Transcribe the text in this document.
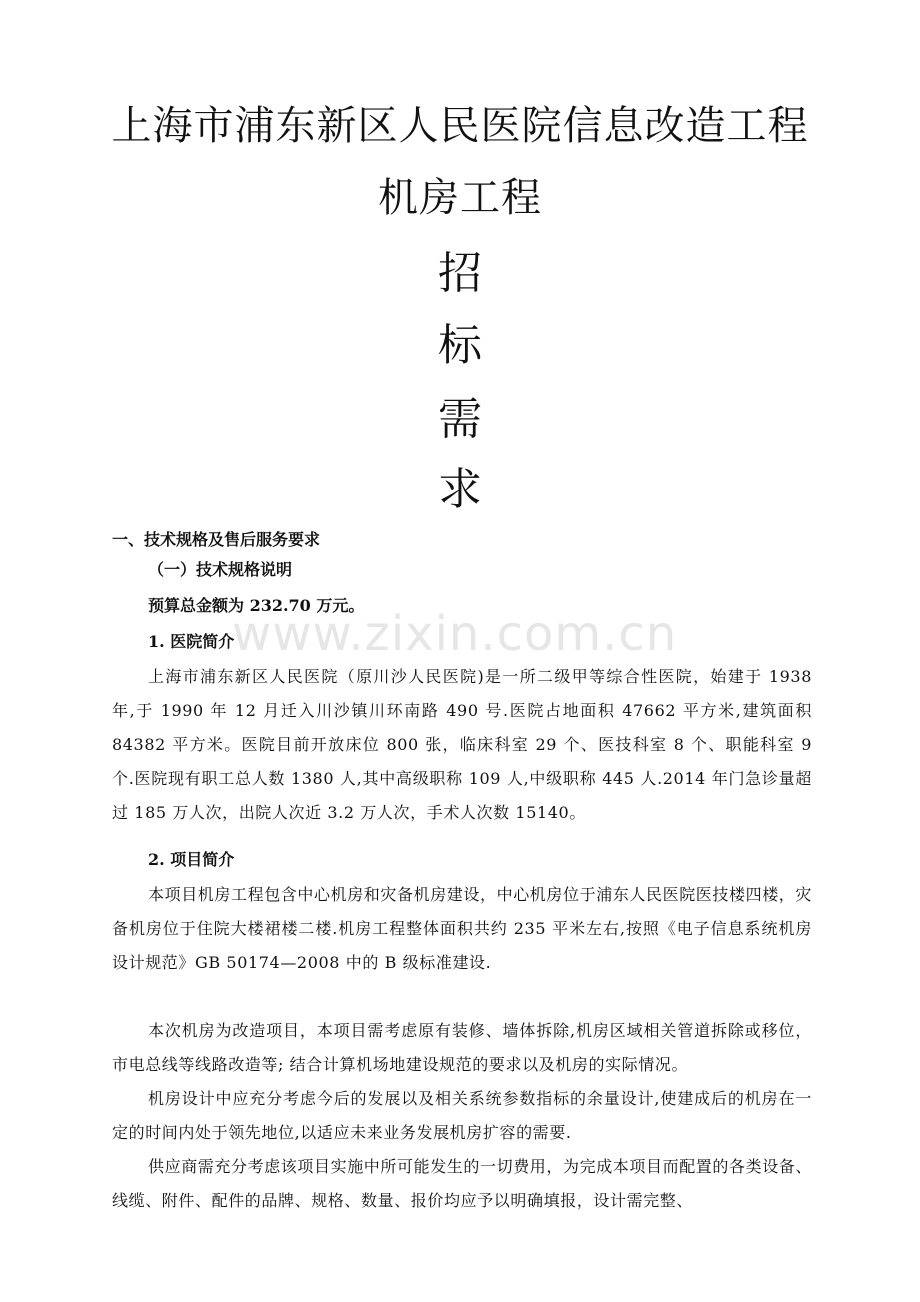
上海市浦东新区人民医院信息改造工程
机房工程
招
标
需
求
一、技术规格及售后服务要求
（一）技术规格说明
预算总金额为 232.70 万元。
www.zixin.com.cn
1. 医院简介
上海市浦东新区人民医院（原川沙人民医院)是一所二级甲等综合性医院，始建于 1938 年,于 1990 年 12 月迁入川沙镇川环南路 490 号.医院占地面积 47662 平方米,建筑面积 84382 平方米。医院目前开放床位 800 张，临床科室 29 个、医技科室 8 个、职能科室 9 个.医院现有职工总人数 1380 人,其中高级职称 109 人,中级职称 445 人.2014 年门急诊量超过 185 万人次，出院人次近 3.2 万人次，手术人次数 15140。
2. 项目简介
本项目机房工程包含中心机房和灾备机房建设，中心机房位于浦东人民医院医技楼四楼，灾备机房位于住院大楼裙楼二楼.机房工程整体面积共约 235 平米左右,按照《电子信息系统机房设计规范》GB 50174—2008 中的 B 级标准建设.
本次机房为改造项目，本项目需考虑原有装修、墙体拆除,机房区域相关管道拆除或移位，市电总线等线路改造等; 结合计算机场地建设规范的要求以及机房的实际情况。
机房设计中应充分考虑今后的发展以及相关系统参数指标的余量设计,使建成后的机房在一定的时间内处于领先地位,以适应未来业务发展机房扩容的需要.
供应商需充分考虑该项目实施中所可能发生的一切费用，为完成本项目而配置的各类设备、线缆、附件、配件的品牌、规格、数量、报价均应予以明确填报，设计需完整、
